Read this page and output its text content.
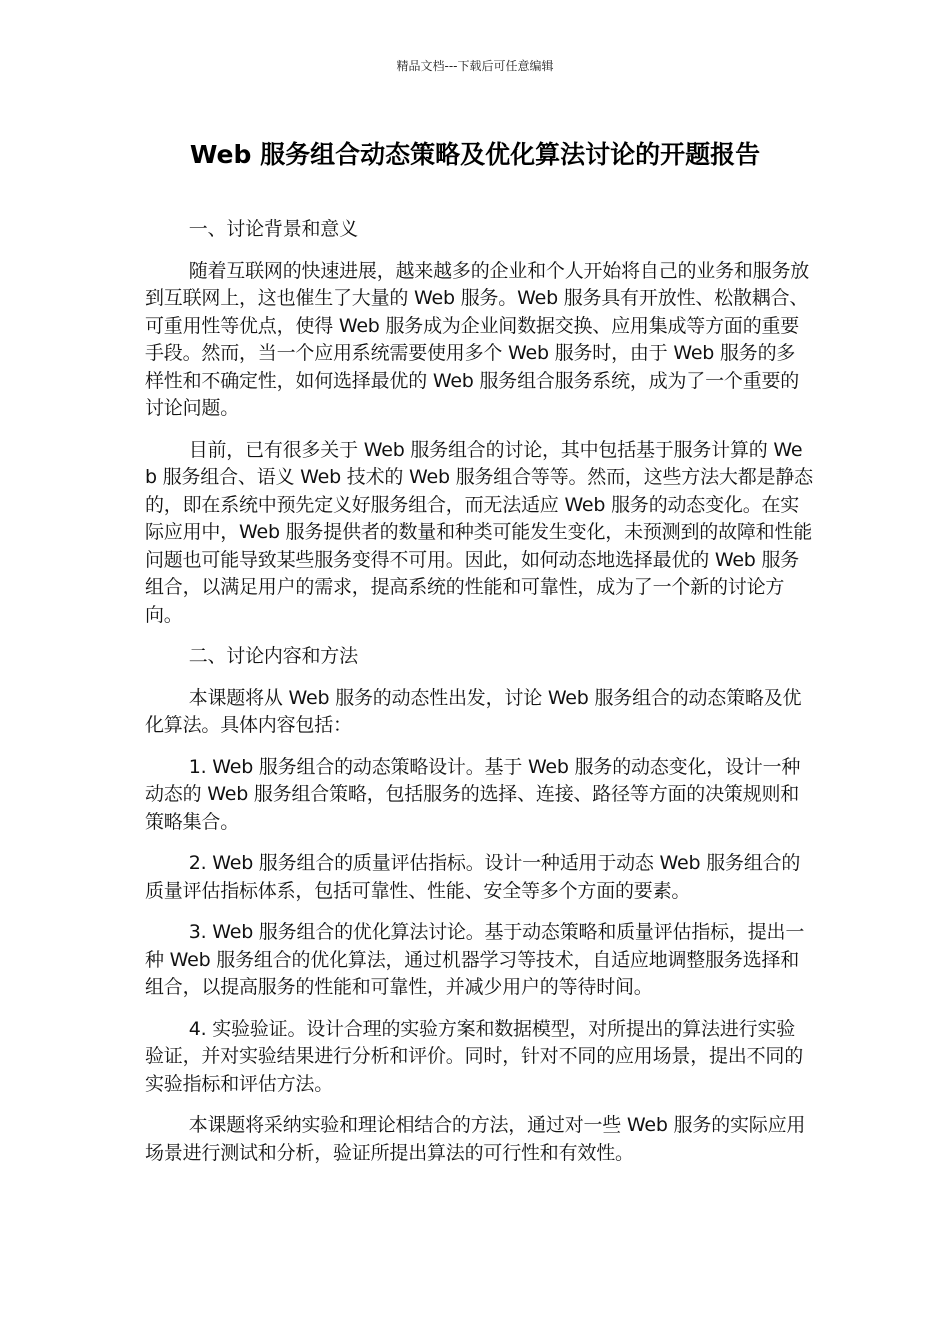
精品文档---下载后可任意编辑
Web 服务组合动态策略及优化算法讨论的开题报告
一、讨论背景和意义

随着互联网的快速进展，越来越多的企业和个人开始将自己的业务和服务放到互联网上，这也催生了大量的 Web 服务。Web 服务具有开放性、松散耦合、可重用性等优点，使得 Web 服务成为企业间数据交换、应用集成等方面的重要手段。然而，当一个应用系统需要使用多个 Web 服务时，由于 Web 服务的多样性和不确定性，如何选择最优的 Web 服务组合服务系统，成为了一个重要的讨论问题。

目前，已有很多关于 Web 服务组合的讨论，其中包括基于服务计算的 Web 服务组合、语义 Web 技术的 Web 服务组合等等。然而，这些方法大都是静态的，即在系统中预先定义好服务组合，而无法适应 Web 服务的动态变化。在实际应用中，Web 服务提供者的数量和种类可能发生变化，未预测到的故障和性能问题也可能导致某些服务变得不可用。因此，如何动态地选择最优的 Web 服务组合，以满足用户的需求，提高系统的性能和可靠性，成为了一个新的讨论方向。

二、讨论内容和方法

本课题将从 Web 服务的动态性出发，讨论 Web 服务组合的动态策略及优化算法。具体内容包括：

1. Web 服务组合的动态策略设计。基于 Web 服务的动态变化，设计一种动态的 Web 服务组合策略，包括服务的选择、连接、路径等方面的决策规则和策略集合。

2. Web 服务组合的质量评估指标。设计一种适用于动态 Web 服务组合的质量评估指标体系，包括可靠性、性能、安全等多个方面的要素。

3. Web 服务组合的优化算法讨论。基于动态策略和质量评估指标，提出一种 Web 服务组合的优化算法，通过机器学习等技术，自适应地调整服务选择和组合，以提高服务的性能和可靠性，并减少用户的等待时间。

4. 实验验证。设计合理的实验方案和数据模型，对所提出的算法进行实验验证，并对实验结果进行分析和评价。同时，针对不同的应用场景，提出不同的实验指标和评估方法。

本课题将采纳实验和理论相结合的方法，通过对一些 Web 服务的实际应用场景进行测试和分析，验证所提出算法的可行性和有效性。
